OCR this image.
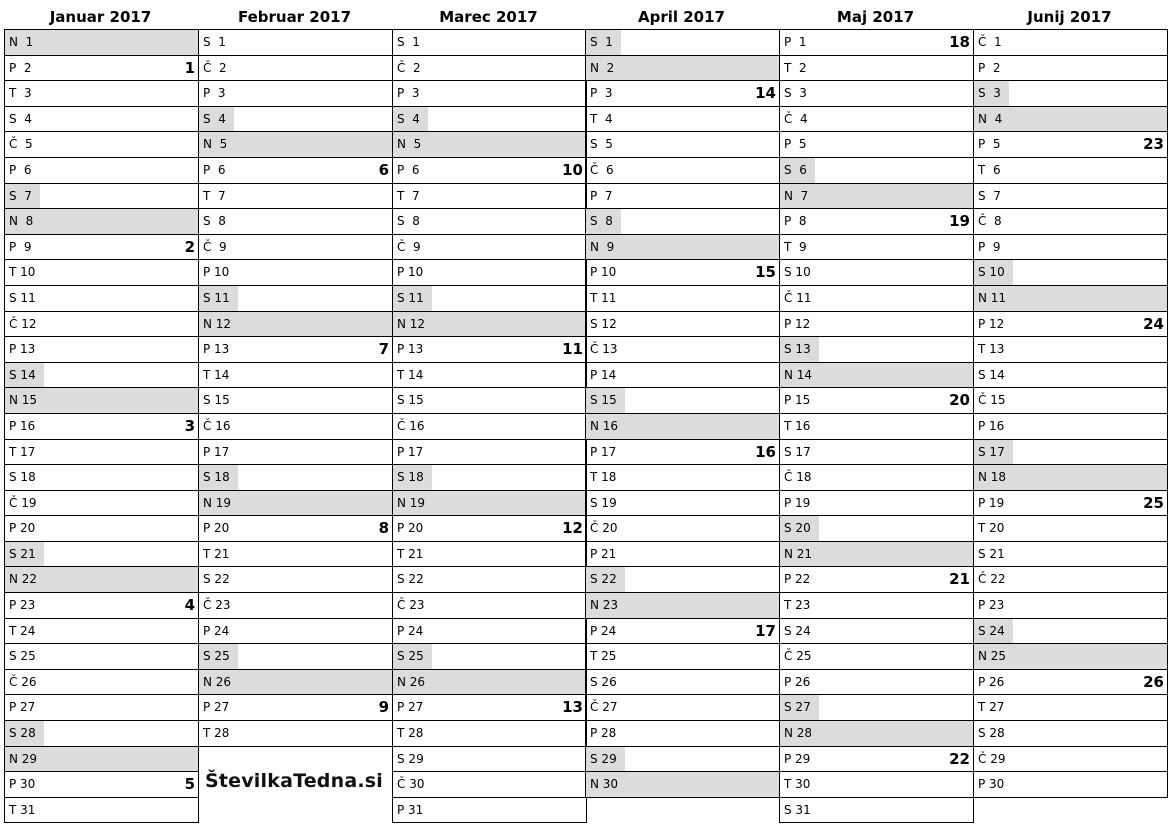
Januar 2017
N  1
P  2	1
T  3
S  4
Č  5
P  6
S  7
N  8
P  9	2
T 10
S 11
Č 12
P 13
S 14
N 15
P 16	3
T 17
S 18
Č 19
P 20
S 21
N 22
P 23	4
T 24
S 25
Č 26
P 27
S 28
N 29
P 30	5
T 31
Februar 2017
S  1
Č  2
P  3
S  4
N  5
P  6	6
T  7
S  8
Č  9
P 10
S 11
N 12
P 13	7
T 14
S 15
Č 16
P 17
S 18
N 19
P 20	8
T 21
S 22
Č 23
P 24
S 25
N 26
P 27	9
T 28
Marec 2017
S  1
Č  2
P  3
S  4
N  5
P  6	10
T  7
S  8
Č  9
P 10
S 11
N 12
P 13	11
T 14
S 15
Č 16
P 17
S 18
N 19
P 20	12
T 21
S 22
Č 23
P 24
S 25
N 26
P 27	13
T 28
S 29
Č 30
P 31
April 2017
S  1
N  2
P  3	14
T  4
S  5
Č  6
P  7
S  8
N  9
P 10	15
T 11
S 12
Č 13
P 14
S 15
N 16
P 17	16
T 18
S 19
Č 20
P 21
S 22
N 23
P 24	17
T 25
S 26
Č 27
P 28
S 29
N 30
Maj 2017
P  1	18
T  2
S  3
Č  4
P  5
S  6
N  7
P  8	19
T  9
S 10
Č 11
P 12
S 13
N 14
P 15	20
T 16
S 17
Č 18
P 19
S 20
N 21
P 22	21
T 23
S 24
Č 25
P 26
S 27
N 28
P 29	22
T 30
S 31
Junij 2017
Č  1
P  2
S  3
N  4
P  5	23
T  6
S  7
Č  8
P  9
S 10
N 11
P 12	24
T 13
S 14
Č 15
P 16
S 17
N 18
P 19	25
T 20
S 21
Č 22
P 23
S 24
N 25
P 26	26
T 27
S 28
Č 29
P 30
ŠtevilkaTedna.si
